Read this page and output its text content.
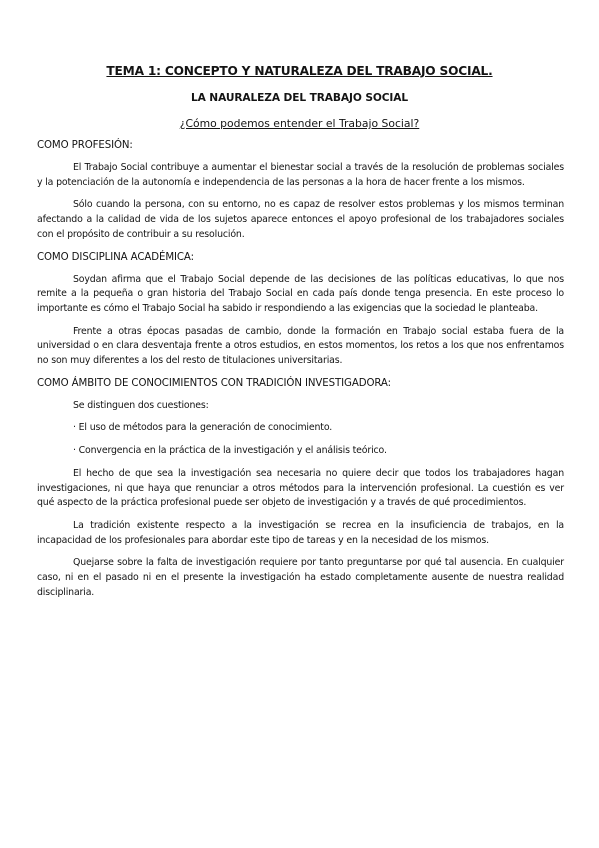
TEMA 1: CONCEPTO Y NATURALEZA DEL TRABAJO SOCIAL.
LA NAURALEZA DEL TRABAJO SOCIAL
¿Cómo podemos entender el Trabajo Social?

COMO PROFESIÓN:

El Trabajo Social contribuye a aumentar el bienestar social a través de la resolución de problemas sociales y la potenciación de la autonomía e independencia de las personas a la hora de hacer frente a los mismos.

Sólo cuando la persona, con su entorno, no es capaz de resolver estos problemas y los mismos terminan afectando a la calidad de vida de los sujetos aparece entonces el apoyo profesional de los trabajadores sociales con el propósito de contribuir a su resolución.

COMO DISCIPLINA ACADÉMICA:

Soydan afirma que el Trabajo Social depende de las decisiones de las políticas educativas, lo que nos remite a la pequeña o gran historia del Trabajo Social en cada país donde tenga presencia. En este proceso lo importante es cómo el Trabajo Social ha sabido ir respondiendo a las exigencias que la sociedad le planteaba.

Frente a otras épocas pasadas de cambio, donde la formación en Trabajo social estaba fuera de la universidad o en clara desventaja frente a otros estudios, en estos momentos, los retos a los que nos enfrentamos no son muy diferentes a los del resto de titulaciones universitarias.

COMO ÁMBITO DE CONOCIMIENTOS CON TRADICIÓN INVESTIGADORA:

Se distinguen dos cuestiones:

· El uso de métodos para la generación de conocimiento.

· Convergencia en la práctica de la investigación y el análisis teórico.

El hecho de que sea la investigación sea necesaria no quiere decir que todos los trabajadores hagan investigaciones, ni que haya que renunciar a otros métodos para la intervención profesional. La cuestión es ver qué aspecto de la práctica profesional puede ser objeto de investigación y a través de qué procedimientos.

La tradición existente respecto a la investigación se recrea en la insuficiencia de trabajos, en la incapacidad de los profesionales para abordar este tipo de tareas y en la necesidad de los mismos.

Quejarse sobre la falta de investigación requiere por tanto preguntarse por qué tal ausencia. En cualquier caso, ni en el pasado ni en el presente la investigación ha estado completamente ausente de nuestra realidad disciplinaria.
